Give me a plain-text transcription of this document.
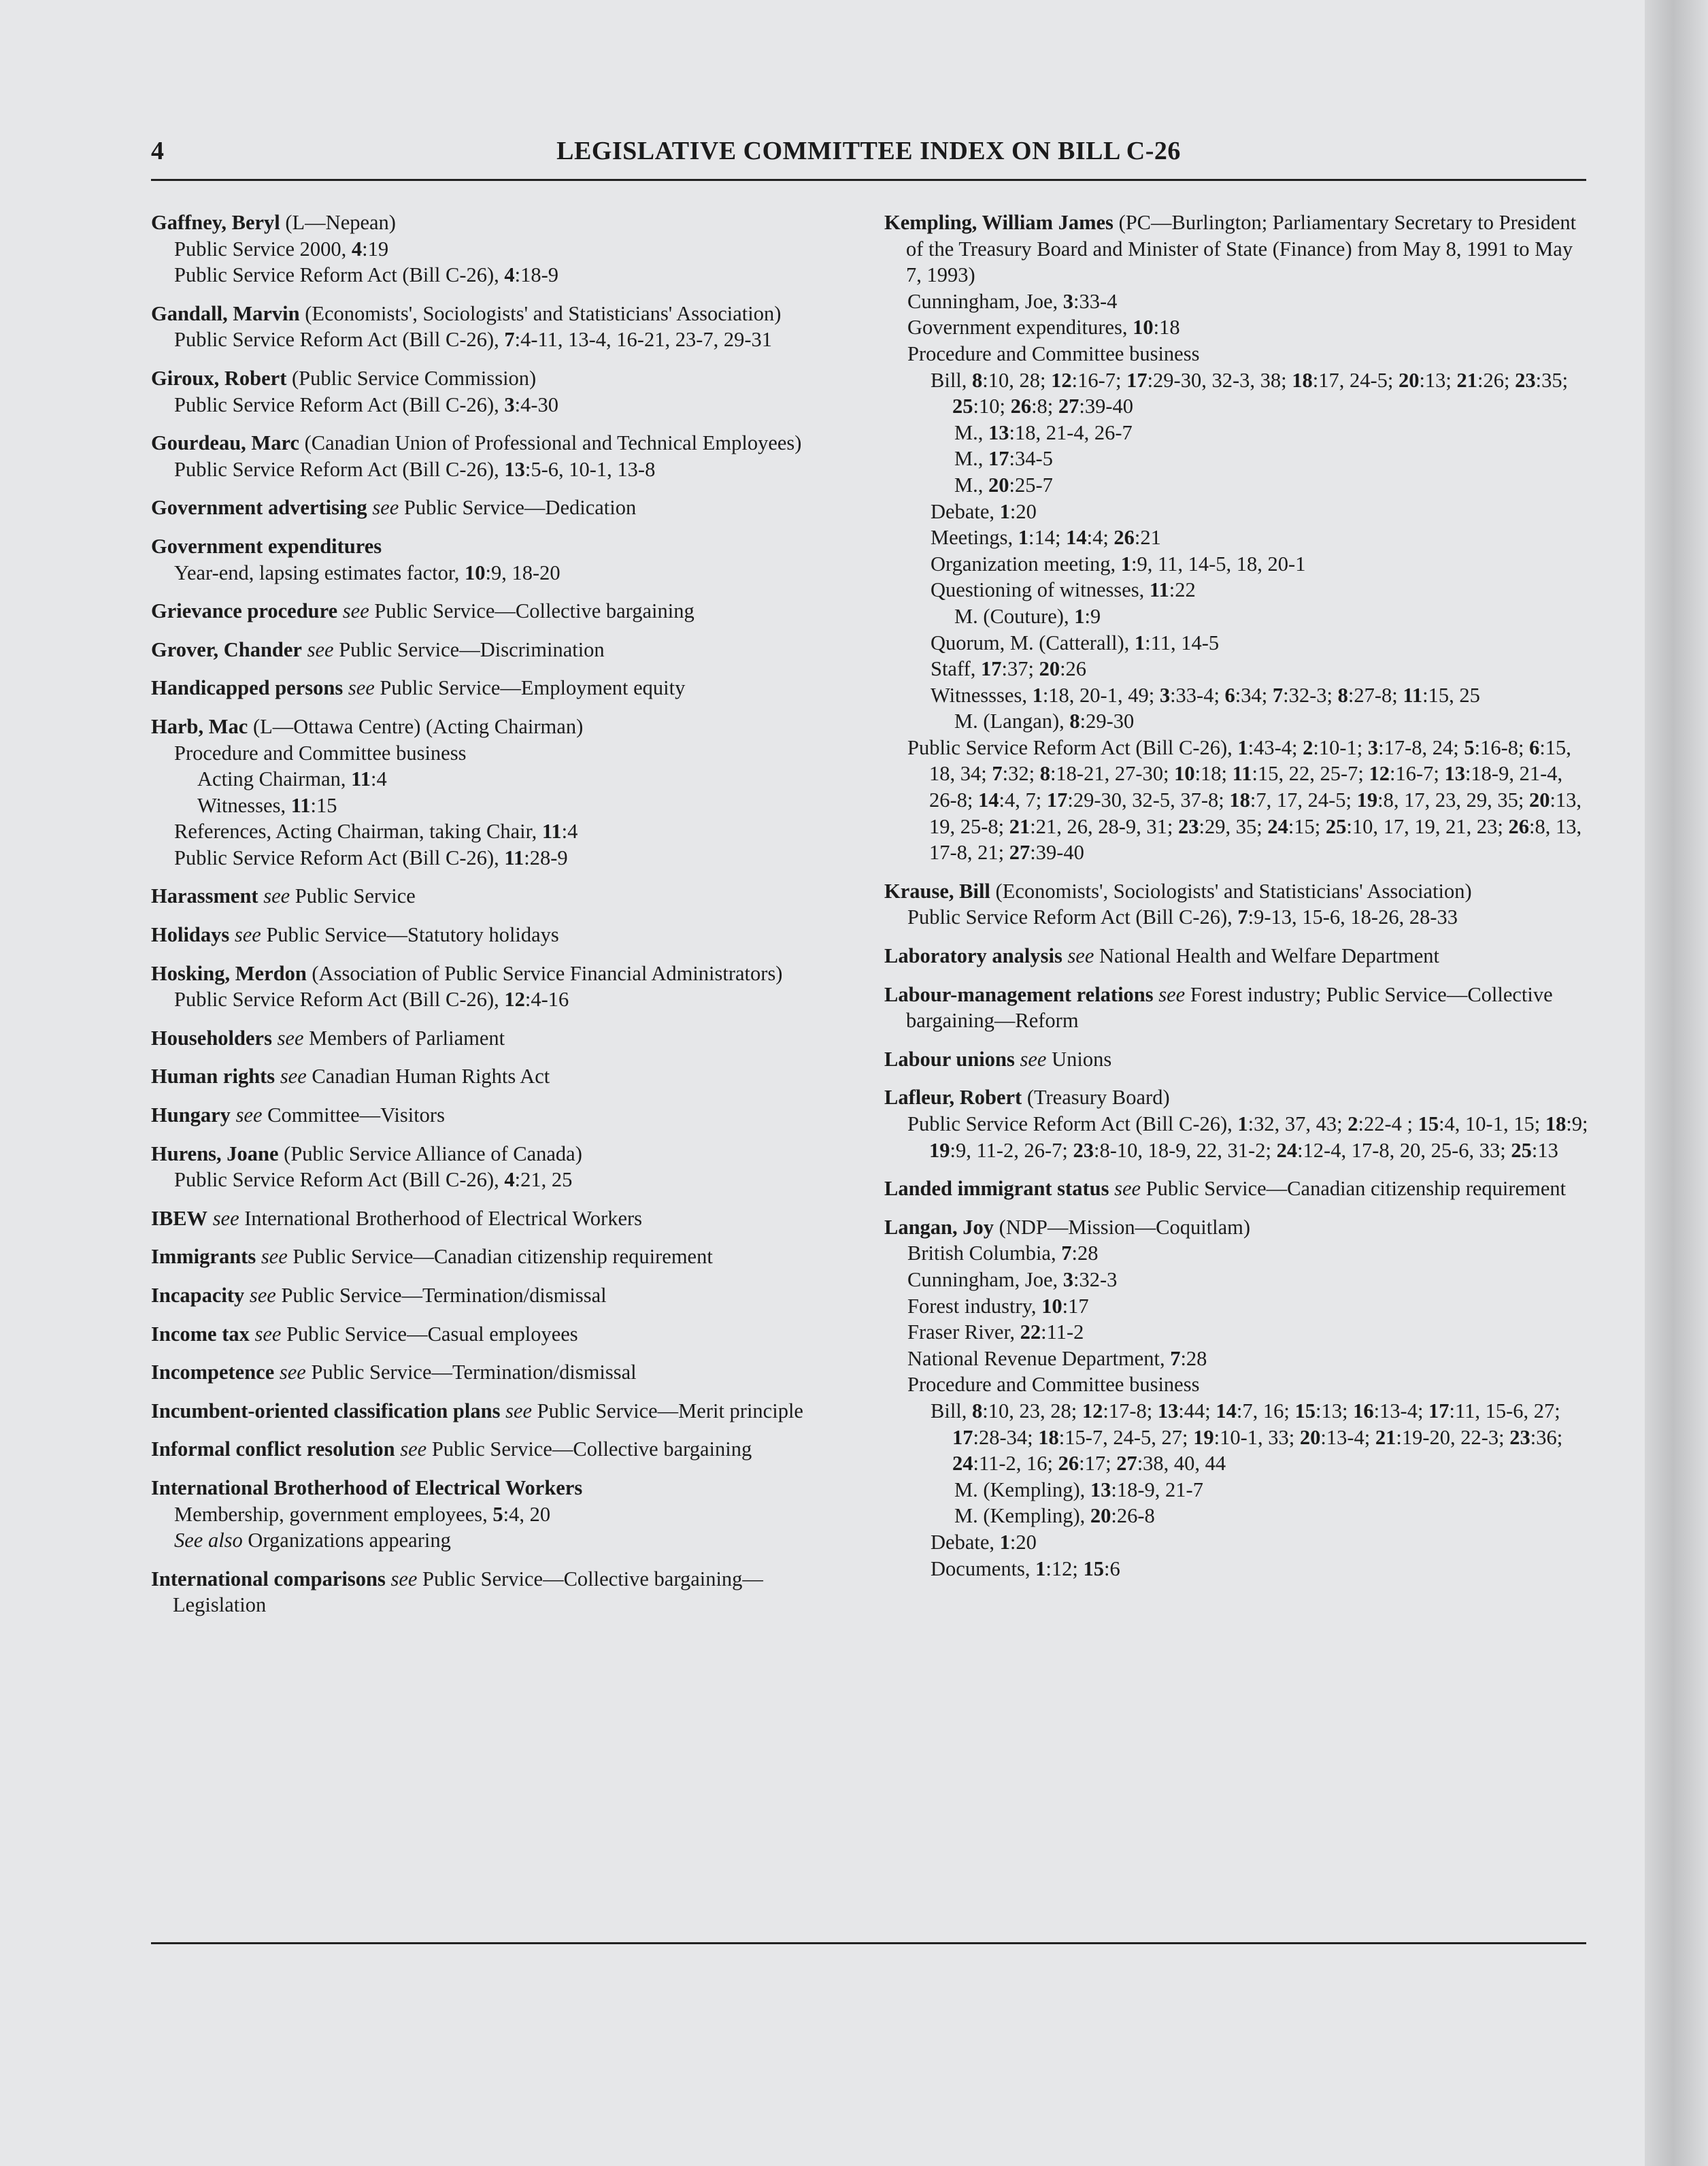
4	LEGISLATIVE COMMITTEE INDEX ON BILL C-26
Gaffney, Beryl (L—Nepean)
Public Service 2000, 4:19
Public Service Reform Act (Bill C-26), 4:18-9
Gandall, Marvin (Economists', Sociologists' and Statisticians' Association)
Public Service Reform Act (Bill C-26), 7:4-11, 13-4, 16-21, 23-7, 29-31
Giroux, Robert (Public Service Commission)
Public Service Reform Act (Bill C-26), 3:4-30
Gourdeau, Marc (Canadian Union of Professional and Technical Employees)
Public Service Reform Act (Bill C-26), 13:5-6, 10-1, 13-8
Government advertising see Public Service—Dedication
Government expenditures
Year-end, lapsing estimates factor, 10:9, 18-20
Grievance procedure see Public Service—Collective bargaining
Grover, Chander see Public Service—Discrimination
Handicapped persons see Public Service—Employment equity
Harb, Mac (L—Ottawa Centre) (Acting Chairman)
Procedure and Committee business
Acting Chairman, 11:4
Witnesses, 11:15
References, Acting Chairman, taking Chair, 11:4
Public Service Reform Act (Bill C-26), 11:28-9
Harassment see Public Service
Holidays see Public Service—Statutory holidays
Hosking, Merdon (Association of Public Service Financial Administrators)
Public Service Reform Act (Bill C-26), 12:4-16
Householders see Members of Parliament
Human rights see Canadian Human Rights Act
Hungary see Committee—Visitors
Hurens, Joane (Public Service Alliance of Canada)
Public Service Reform Act (Bill C-26), 4:21, 25
IBEW see International Brotherhood of Electrical Workers
Immigrants see Public Service—Canadian citizenship requirement
Incapacity see Public Service—Termination/dismissal
Income tax see Public Service—Casual employees
Incompetence see Public Service—Termination/dismissal
Incumbent-oriented classification plans see Public Service—Merit principle
Informal conflict resolution see Public Service—Collective bargaining
International Brotherhood of Electrical Workers
Membership, government employees, 5:4, 20
See also Organizations appearing
International comparisons see Public Service—Collective bargaining—Legislation
Kempling, William James (PC—Burlington; Parliamentary Secretary to President of the Treasury Board and Minister of State (Finance) from May 8, 1991 to May 7, 1993)
Cunningham, Joe, 3:33-4
Government expenditures, 10:18
Procedure and Committee business
Bill, 8:10, 28; 12:16-7; 17:29-30, 32-3, 38; 18:17, 24-5; 20:13; 21:26; 23:35; 25:10; 26:8; 27:39-40
M., 13:18, 21-4, 26-7
M., 17:34-5
M., 20:25-7
Debate, 1:20
Meetings, 1:14; 14:4; 26:21
Organization meeting, 1:9, 11, 14-5, 18, 20-1
Questioning of witnesses, 11:22
M. (Couture), 1:9
Quorum, M. (Catterall), 1:11, 14-5
Staff, 17:37; 20:26
Witnessses, 1:18, 20-1, 49; 3:33-4; 6:34; 7:32-3; 8:27-8; 11:15, 25
M. (Langan), 8:29-30
Public Service Reform Act (Bill C-26), 1:43-4; 2:10-1; 3:17-8, 24; 5:16-8; 6:15, 18, 34; 7:32; 8:18-21, 27-30; 10:18; 11:15, 22, 25-7; 12:16-7; 13:18-9, 21-4, 26-8; 14:4, 7; 17:29-30, 32-5, 37-8; 18:7, 17, 24-5; 19:8, 17, 23, 29, 35; 20:13, 19, 25-8; 21:21, 26, 28-9, 31; 23:29, 35; 24:15; 25:10, 17, 19, 21, 23; 26:8, 13, 17-8, 21; 27:39-40
Krause, Bill (Economists', Sociologists' and Statisticians' Association)
Public Service Reform Act (Bill C-26), 7:9-13, 15-6, 18-26, 28-33
Laboratory analysis see National Health and Welfare Department
Labour-management relations see Forest industry; Public Service—Collective bargaining—Reform
Labour unions see Unions
Lafleur, Robert (Treasury Board)
Public Service Reform Act (Bill C-26), 1:32, 37, 43; 2:22-4 ; 15:4, 10-1, 15; 18:9; 19:9, 11-2, 26-7; 23:8-10, 18-9, 22, 31-2; 24:12-4, 17-8, 20, 25-6, 33; 25:13
Landed immigrant status see Public Service—Canadian citizenship requirement
Langan, Joy (NDP—Mission—Coquitlam)
British Columbia, 7:28
Cunningham, Joe, 3:32-3
Forest industry, 10:17
Fraser River, 22:11-2
National Revenue Department, 7:28
Procedure and Committee business
Bill, 8:10, 23, 28; 12:17-8; 13:44; 14:7, 16; 15:13; 16:13-4; 17:11, 15-6, 27; 17:28-34; 18:15-7, 24-5, 27; 19:10-1, 33; 20:13-4; 21:19-20, 22-3; 23:36; 24:11-2, 16; 26:17; 27:38, 40, 44
M. (Kempling), 13:18-9, 21-7
M. (Kempling), 20:26-8
Debate, 1:20
Documents, 1:12; 15:6
